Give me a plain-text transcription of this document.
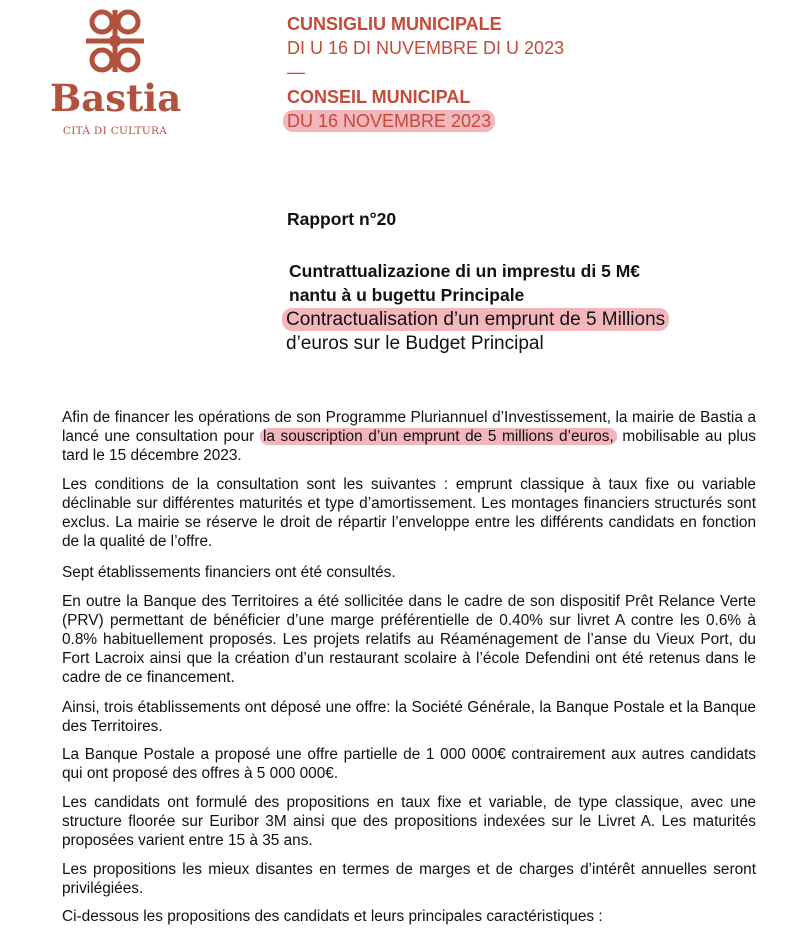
Bastia
CITÀ DI CULTURA
CUNSIGLIU MUNICIPALE
DI U 16 DI NUVEMBRE DI U 2023
—
CONSEIL MUNICIPAL
DU 16 NOVEMBRE 2023
Rapport n°20
Cuntrattualizazione di un imprestu di 5 M€
nantu à u bugettu Principale
Contractualisation d’un emprunt de 5 Millions
d’euros sur le Budget Principal
Afin de financer les opérations de son Programme Pluriannuel d’Investissement, la mairie de Bastia a lancé une consultation pour la souscription d’un emprunt de 5 millions d’euros, mobilisable au plus tard le 15 décembre 2023.
Les conditions de la consultation sont les suivantes : emprunt classique à taux fixe ou variable déclinable sur différentes maturités et type d’amortissement. Les montages financiers structurés sont exclus. La mairie se réserve le droit de répartir l’enveloppe entre les différents candidats en fonction de la qualité de l’offre.
Sept établissements financiers ont été consultés.
En outre la Banque des Territoires a été sollicitée dans le cadre de son dispositif Prêt Relance Verte (PRV) permettant de bénéficier d’une marge préférentielle de 0.40% sur livret A contre les 0.6% à 0.8% habituellement proposés. Les projets relatifs au Réaménagement de l’anse du Vieux Port, du Fort Lacroix ainsi que la création d’un restaurant scolaire à l’école Defendini ont été retenus dans le cadre de ce financement.
Ainsi, trois établissements ont déposé une offre: la Société Générale, la Banque Postale et la Banque des Territoires.
La Banque Postale a proposé une offre partielle de 1 000 000€ contrairement aux autres candidats qui ont proposé des offres à 5 000 000€.
Les candidats ont formulé des propositions en taux fixe et variable, de type classique, avec une structure floorée sur Euribor 3M ainsi que des propositions indexées sur le Livret A. Les maturités proposées varient entre 15 à 35 ans.
Les propositions les mieux disantes en termes de marges et de charges d’intérêt annuelles seront privilégiées.
Ci-dessous les propositions des candidats et leurs principales caractéristiques :
